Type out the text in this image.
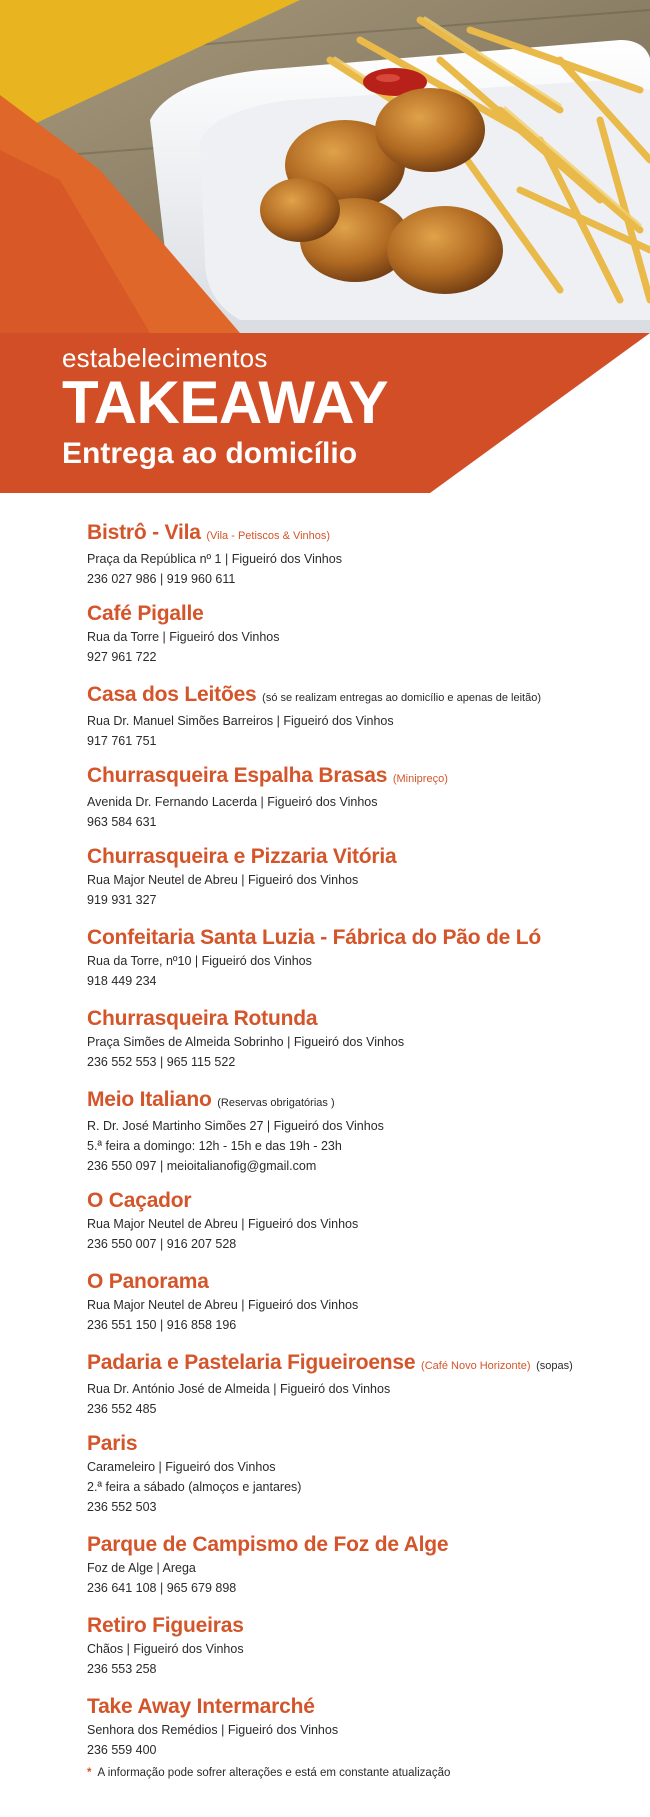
estabelecimentos
TAKEAWAY
Entrega ao domicílio
Bistrô - Vila (Vila - Petiscos & Vinhos)
Praça da República nº 1 | Figueiró dos Vinhos
236 027 986 | 919 960 611
Café Pigalle
Rua da Torre | Figueiró dos Vinhos
927 961 722
Casa dos Leitões (só se realizam entregas ao domicílio e apenas de leitão)
Rua Dr. Manuel Simões Barreiros | Figueiró dos Vinhos
917 761 751
Churrasqueira Espalha Brasas (Minipreço)
Avenida Dr. Fernando Lacerda | Figueiró dos Vinhos
963 584 631
Churrasqueira e Pizzaria Vitória
Rua Major Neutel de Abreu | Figueiró dos Vinhos
919 931 327
Confeitaria Santa Luzia - Fábrica do Pão de Ló
Rua da Torre, nº10 | Figueiró dos Vinhos
918 449 234
Churrasqueira Rotunda
Praça Simões de Almeida Sobrinho | Figueiró dos Vinhos
236 552 553 | 965 115 522
Meio Italiano (Reservas obrigatórias )
R. Dr. José Martinho Simões 27 | Figueiró dos Vinhos
5.ª feira a domingo: 12h - 15h e das 19h - 23h
236 550 097 | meioitalianofig@gmail.com
O Caçador
Rua Major Neutel de Abreu | Figueiró dos Vinhos
236 550 007 | 916 207 528
O Panorama
Rua Major Neutel de Abreu | Figueiró dos Vinhos
236 551 150 | 916 858 196
Padaria e Pastelaria Figueiroense (Café Novo Horizonte) (sopas)
Rua Dr. António José de Almeida | Figueiró dos Vinhos
236 552 485
Paris
Carameleiro | Figueiró dos Vinhos
2.ª feira a sábado (almoços e jantares)
236 552 503
Parque de Campismo de Foz de Alge
Foz de Alge | Arega
236 641 108 | 965 679 898
Retiro Figueiras
Chãos | Figueiró dos Vinhos
236 553 258
Take Away Intermarché
Senhora dos Remédios | Figueiró dos Vinhos
236 559 400
* A informação pode sofrer alterações e está em constante atualização
